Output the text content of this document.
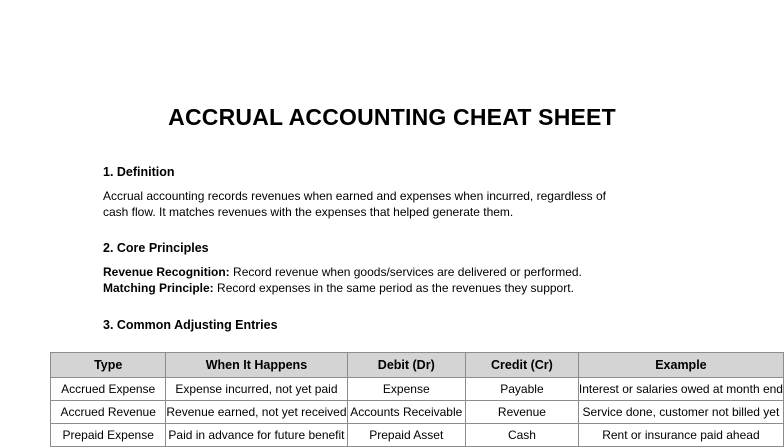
ACCRUAL ACCOUNTING CHEAT SHEET
1. Definition
Accrual accounting records revenues when earned and expenses when incurred, regardless of
cash flow. It matches revenues with the expenses that helped generate them.
2. Core Principles
Revenue Recognition: Record revenue when goods/services are delivered or performed.
Matching Principle: Record expenses in the same period as the revenues they support.
3. Common Adjusting Entries
Type	When It Happens	Debit (Dr)	Credit (Cr)	Example
Accrued Expense	Expense incurred, not yet paid	Expense	Payable	Interest or salaries owed at month end
Accrued Revenue	Revenue earned, not yet received	Accounts Receivable	Revenue	Service done, customer not billed yet
Prepaid Expense	Paid in advance for future benefit	Prepaid Asset	Cash	Rent or insurance paid ahead
